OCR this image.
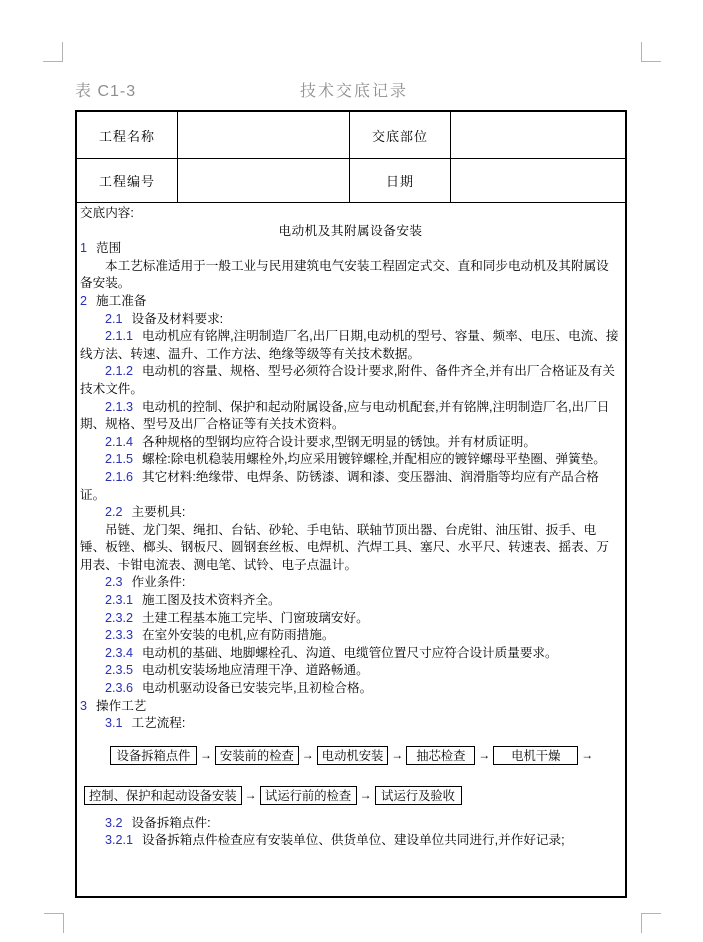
表 C1-3	技术交底记录
工程名称	交底部位
工程编号	日期

交底内容:

电动机及其附属设备安装

1 范围

本工艺标准适用于一般工业与民用建筑电气安装工程固定式交、直和同步电动机及其附属设备安装。

2 施工准备

2.1 设备及材料要求:

2.1.1 电动机应有铭牌,注明制造厂名,出厂日期,电动机的型号、容量、频率、电压、电流、接线方法、转速、温升、工作方法、绝缘等级等有关技术数据。

2.1.2 电动机的容量、规格、型号必须符合设计要求,附件、备件齐全,并有出厂合格证及有关技术文件。

2.1.3 电动机的控制、保护和起动附属设备,应与电动机配套,并有铭牌,注明制造厂名,出厂日期、规格、型号及出厂合格证等有关技术资料。

2.1.4 各种规格的型钢均应符合设计要求,型钢无明显的锈蚀。并有材质证明。

2.1.5 螺栓:除电机稳装用螺栓外,均应采用镀锌螺栓,并配相应的镀锌螺母平垫圈、弹簧垫。

2.1.6 其它材料:绝缘带、电焊条、防锈漆、调和漆、变压器油、润滑脂等均应有产品合格证。

2.2 主要机具:

吊链、龙门架、绳扣、台钻、砂轮、手电钻、联轴节顶出器、台虎钳、油压钳、扳手、电锤、板锉、榔头、钢板尺、圆钢套丝板、电焊机、汽焊工具、塞尺、水平尺、转速表、摇表、万用表、卡钳电流表、测电笔、试铃、电子点温计。

2.3 作业条件:

2.3.1 施工图及技术资料齐全。

2.3.2 土建工程基本施工完毕、门窗玻璃安好。

2.3.3 在室外安装的电机,应有防雨措施。

2.3.4 电动机的基础、地脚螺栓孔、沟道、电缆管位置尺寸应符合设计质量要求。

2.3.5 电动机安装场地应清理干净、道路畅通。

2.3.6 电动机驱动设备已安装完毕,且初检合格。

3 操作工艺

3.1 工艺流程:

设备拆箱点件 → 安装前的检查 → 电动机安装 →	抽芯检查	→	电机干燥	→
控制、保护和起动设备安装 → 试运行前的检查 → 试运行及验收

3.2 设备拆箱点件:

3.2.1 设备拆箱点件检查应有安装单位、供货单位、建设单位共同进行,并作好记录;
